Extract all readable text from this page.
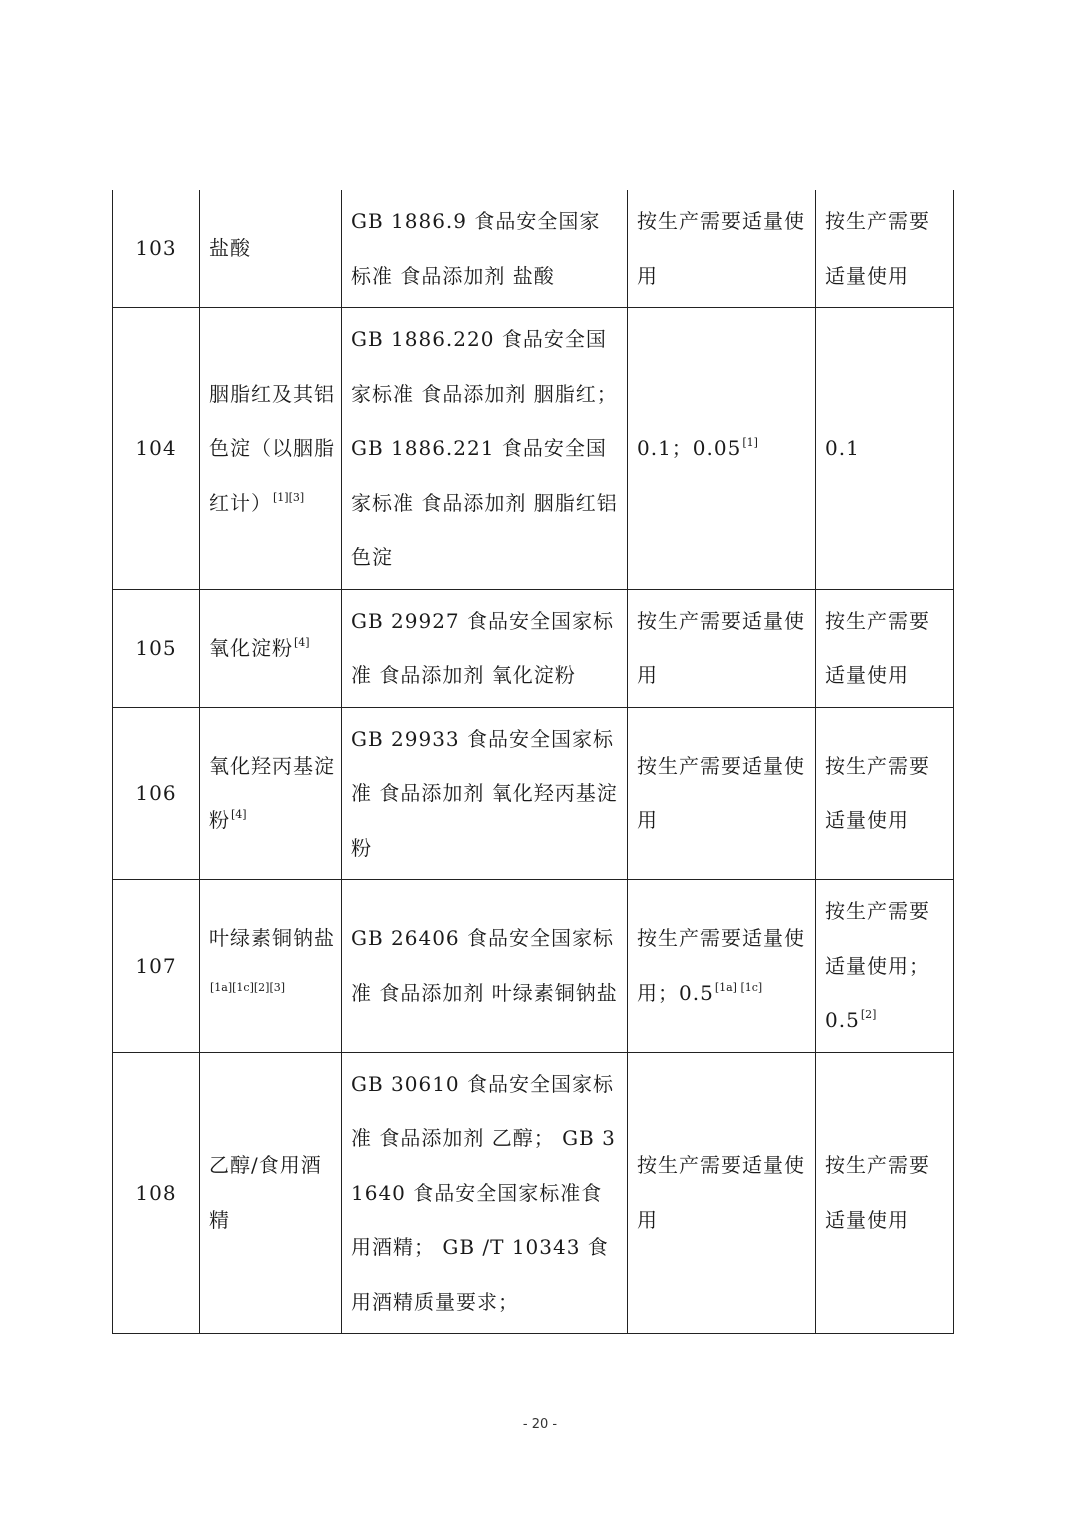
103	盐酸	GB 1886.9 食品安全国家标准 食品添加剂 盐酸	按生产需要适量使用	按生产需要适量使用
104	胭脂红及其铝色淀（以胭脂红计）[1][3]	GB 1886.220 食品安全国家标准 食品添加剂 胭脂红；GB 1886.221 食品安全国家标准 食品添加剂 胭脂红铝色淀	0.1；0.05[1]	0.1
105	氧化淀粉[4]	GB 29927 食品安全国家标准 食品添加剂 氧化淀粉	按生产需要适量使用	按生产需要适量使用
106	氧化羟丙基淀粉[4]	GB 29933 食品安全国家标准 食品添加剂 氧化羟丙基淀粉	按生产需要适量使用	按生产需要适量使用
107	叶绿素铜钠盐[1a][1c][2][3]	GB 26406 食品安全国家标准 食品添加剂 叶绿素铜钠盐	按生产需要适量使用；0.5[1a] [1c]	按生产需要适量使用；0.5[2]
108	乙醇/食用酒精	GB 30610 食品安全国家标准 食品添加剂 乙醇； GB 31640 食品安全国家标准食用酒精； GB /T 10343 食用酒精质量要求；	按生产需要适量使用	按生产需要适量使用
- 20 -
